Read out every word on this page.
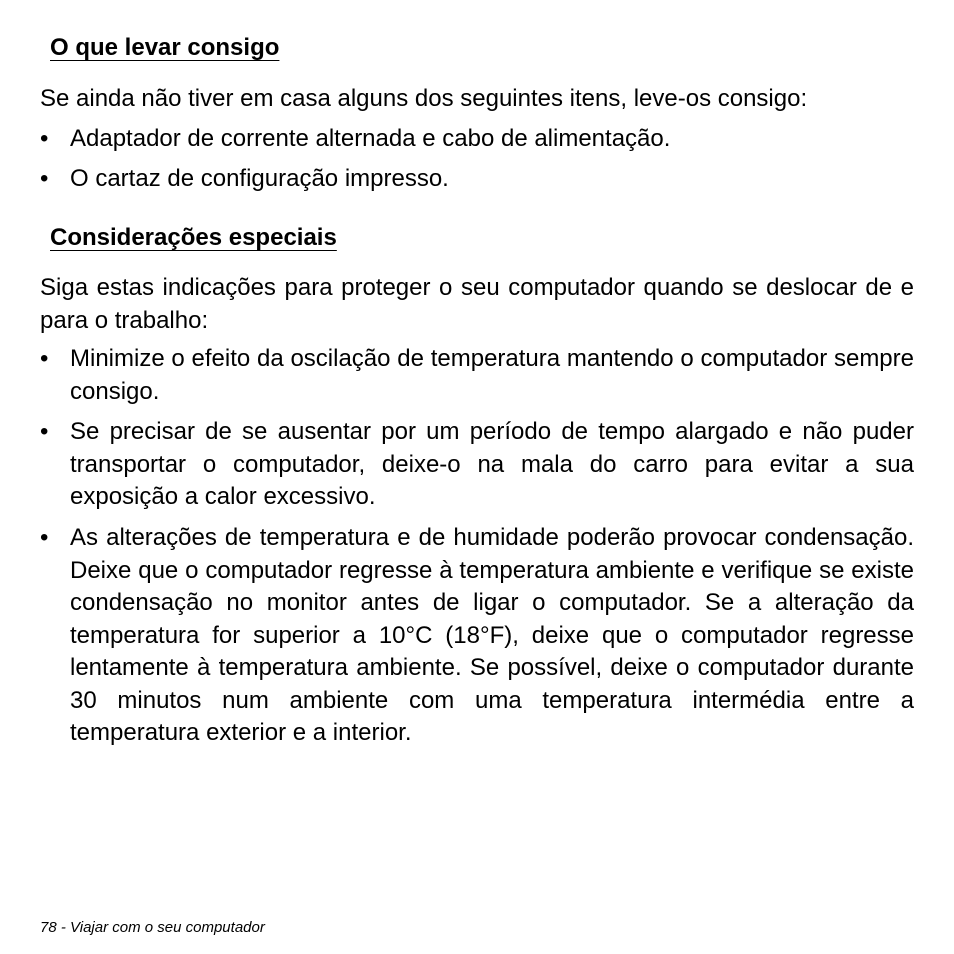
O que levar consigo

Se ainda não tiver em casa alguns dos seguintes itens, leve-os consigo:

• Adaptador de corrente alternada e cabo de alimentação.

• O cartaz de configuração impresso.

Considerações especiais

Siga estas indicações para proteger o seu computador quando se deslocar de e para o trabalho:

• Minimize o efeito da oscilação de temperatura mantendo o computador sempre consigo.

• Se precisar de se ausentar por um período de tempo alargado e não puder transportar o computador, deixe-o na mala do carro para evitar a sua exposição a calor excessivo.

• As alterações de temperatura e de humidade poderão provocar condensação. Deixe que o computador regresse à temperatura ambiente e verifique se existe condensação no monitor antes de ligar o computador. Se a alteração da temperatura for superior a 10°C (18°F), deixe que o computador regresse lentamente à temperatura ambiente. Se possível, deixe o computador durante 30 minutos num ambiente com uma temperatura intermédia entre a temperatura exterior e a interior.

78 - Viajar com o seu computador
